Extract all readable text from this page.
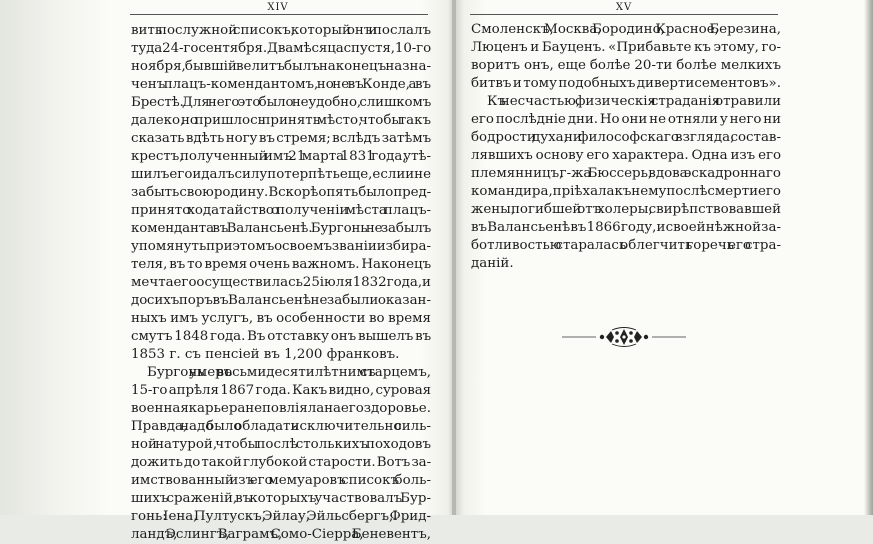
XIV	XV
вить послужной списокъ, который онъ и послалъ
туда 24-го сентября. Два мѣсяца спустя, 10-го
ноября, бывшій велитъ былъ наконецъ назна-
ченъ плацъ-комендантомъ, но не въ Конде, а въ
Брестѣ. Для него это было неудобно, слишкомъ
далеко, но пришлось принять мѣсто, чтобы такъ
сказать вдѣть ногу въ стремя; вслѣдъ затѣмъ
крестъ, полученный имъ 21 марта 1831 года, утѣ-
шилъ его и далъ силу потерпѣть еще, если и не
забыть свою родину. Вскорѣ опять было пред-
принято ходатайство о полученіи мѣста плацъ-
коменданта въ Валансьенѣ. Бургонь не забылъ
упомянуть при этомъ о своемъ званіи избира-
теля, въ то время очень важномъ. Наконецъ
мечта его осуществилась 25 іюля 1832 года, и
до сихъ поръ въ Валансьенѣ не забыли оказан-
ныхъ имъ услугъ, въ особенности во время
смутъ 1848 года. Въ отставку онъ вышелъ въ
1853 г. съ пенсіей въ 1,200 франковъ.
Бургонь умеръ восьмидесятилѣтнимъ старцемъ,
15-го апрѣля 1867 года. Какъ видно, суровая
военная карьера не повліяла на его здоровье.
Правда, надо было обладать исключительно силь-
ной натурой, чтобы послѣ столькихъ походовъ
дожить до такой глубокой старости. Вотъ за-
имствованный изъ его мемуаровъ списокъ боль-
шихъ сраженій, въ которыхъ участвовалъ Бур-
гонь: Іена, Пултускъ, Эйлау, Эйльсбергъ, Фрид-
ландъ, Эслингъ, Ваграмъ, Сомо-Сіерра, Беневентъ,
Смоленскъ, Москва, Бородино, Красное, Березина,
Люценъ и Бауценъ. «Прибавьте къ этому, го-
воритъ онъ, еще болѣе 20-ти болѣе мелкихъ
битвъ и тому подобныхъ дивертисементовъ».
Къ несчастью, физическія страданія отравили
его послѣдніе дни. Но они не отняли у него ни
бодрости духа, ни философскаго взгляда, состав-
лявшихъ основу его характера. Одна изъ его
племянницъ, г-жа Бюссерь, вдова эскадроннаго
командира, пріѣхала къ нему послѣ смерти его
жены, погибшей отъ холеры, свирѣпствовавшей
въ Валансьенѣ въ 1866 году, и своей нѣжной за-
ботливостью старалась облегчить горечь его стра-
даній.
